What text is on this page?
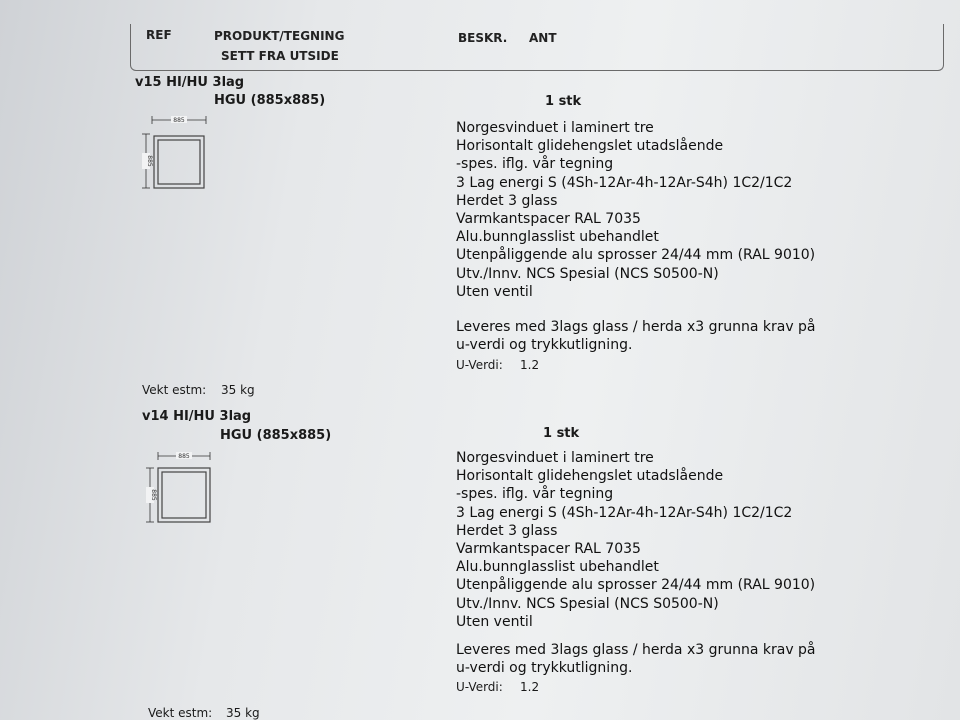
REF	PRODUKT/TEGNING
SETT FRA UTSIDE
BESKR. ANT
v15 HI/HU 3lag
HGU (885x885)	1 stk
885
885
Norgesvinduet i laminert tre
Horisontalt glidehengslet utadslående
-spes. iflg. vår tegning
3 Lag energi S (4Sh-12Ar-4h-12Ar-S4h) 1C2/1C2
Herdet 3 glass
Varmkantspacer RAL 7035
Alu.bunnglasslist ubehandlet
Utenpåliggende alu sprosser 24/44 mm (RAL 9010)
Utv./Innv. NCS Spesial (NCS S0500-N)
Uten ventil
Leveres med 3lags glass / herda x3 grunna krav på
u-verdi og trykkutligning.
U-Verdi: 1.2
Vekt estm: 35 kg
v14 HI/HU 3lag
HGU (885x885)	1 stk
885
885
Norgesvinduet i laminert tre
Horisontalt glidehengslet utadslående
-spes. iflg. vår tegning
3 Lag energi S (4Sh-12Ar-4h-12Ar-S4h) 1C2/1C2
Herdet 3 glass
Varmkantspacer RAL 7035
Alu.bunnglasslist ubehandlet
Utenpåliggende alu sprosser 24/44 mm (RAL 9010)
Utv./Innv. NCS Spesial (NCS S0500-N)
Uten ventil
Leveres med 3lags glass / herda x3 grunna krav på
u-verdi og trykkutligning.
U-Verdi: 1.2
Vekt estm: 35 kg
